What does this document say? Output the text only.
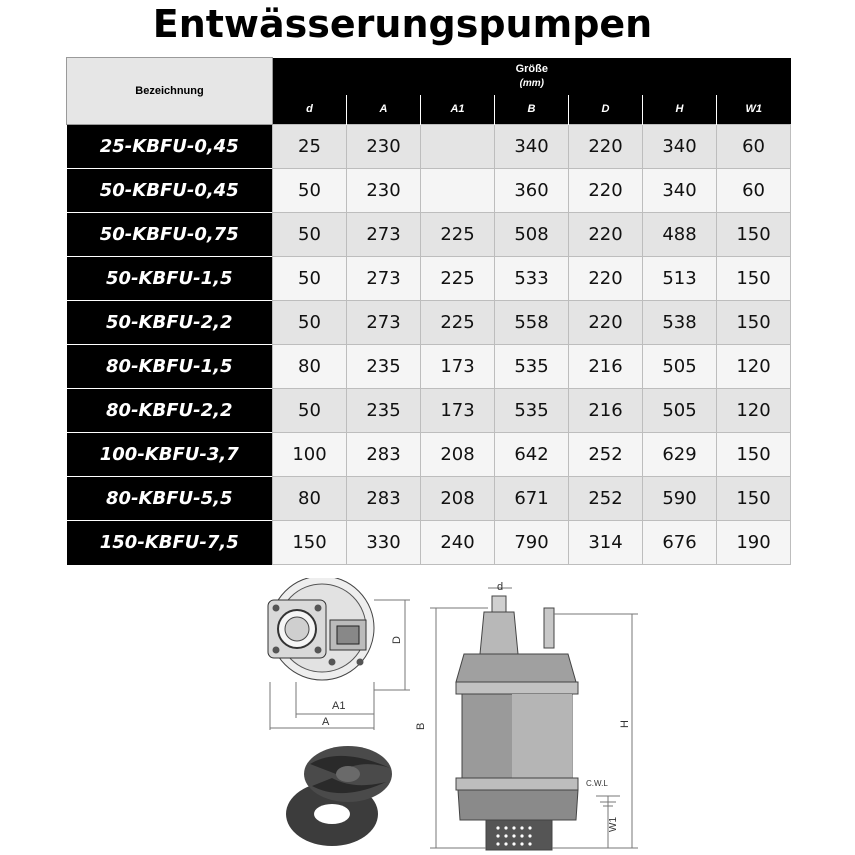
Entwässerungspumpen
Bezeichnung	Größe
(mm)						
	d	A	A1	B	D	H	W1
25-KBFU-0,45	25	230		340	220	340	60
50-KBFU-0,45	50	230		360	220	340	60
50-KBFU-0,75	50	273	225	508	220	488	150
50-KBFU-1,5	50	273	225	533	220	513	150
50-KBFU-2,2	50	273	225	558	220	538	150
80-KBFU-1,5	80	235	173	535	216	505	120
80-KBFU-2,2	50	235	173	535	216	505	120
100-KBFU-3,7	100	283	208	642	252	629	150
80-KBFU-5,5	80	283	208	671	252	590	150
150-KBFU-7,5	150	330	240	790	314	676	190
D
A1
A
d
B	H
C.W.L
W1
